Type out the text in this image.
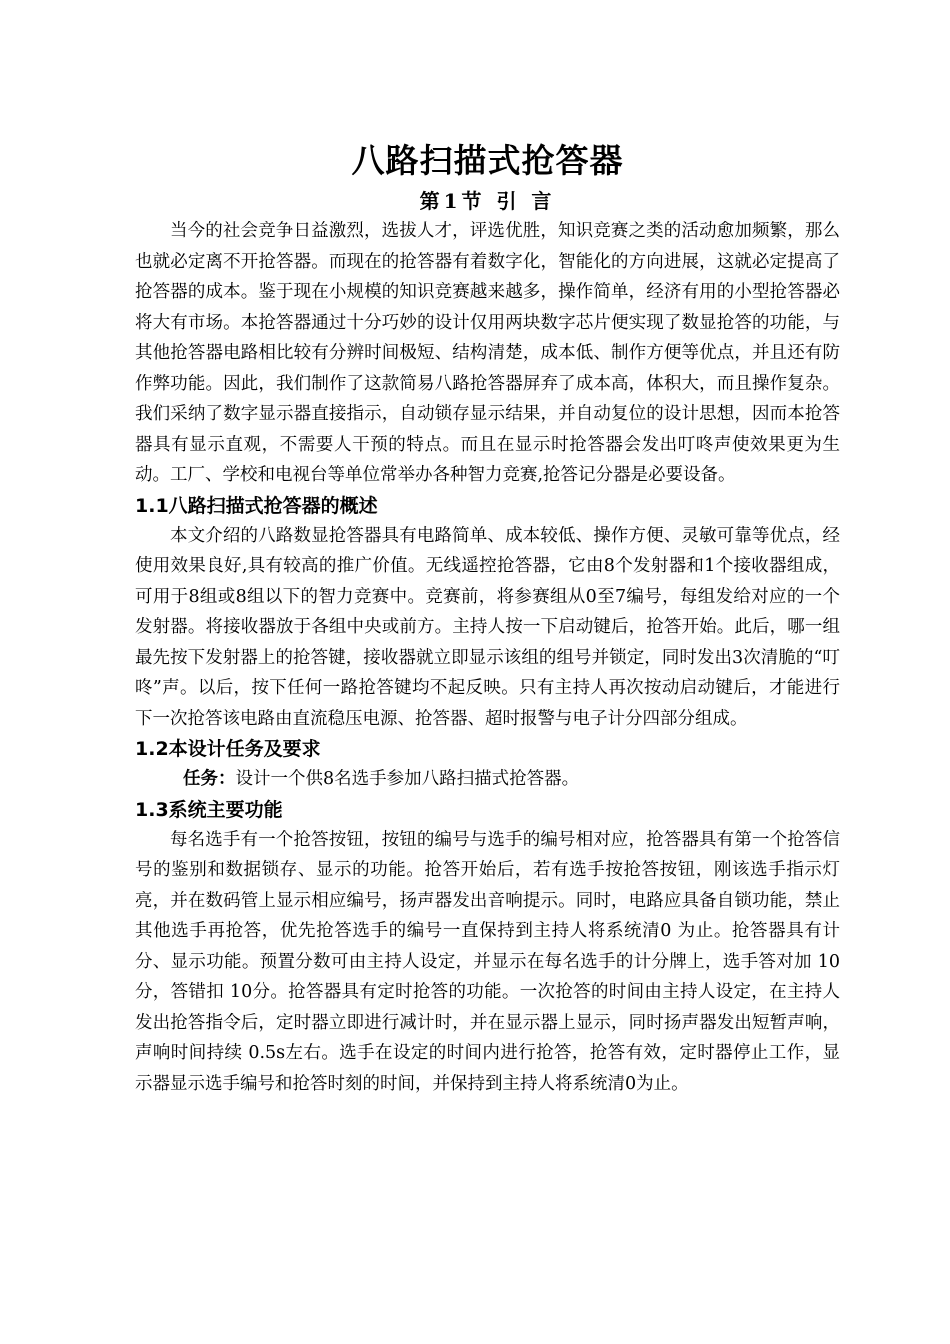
八路扫描式抢答器
第1节 引 言

当今的社会竞争日益激烈，选拔人才，评选优胜，知识竞赛之类的活动愈加频繁，那么也就必定离不开抢答器。而现在的抢答器有着数字化，智能化的方向进展，这就必定提高了抢答器的成本。鉴于现在小规模的知识竞赛越来越多，操作简单，经济有用的小型抢答器必将大有市场。本抢答器通过十分巧妙的设计仅用两块数字芯片便实现了数显抢答的功能，与其他抢答器电路相比较有分辨时间极短、结构清楚，成本低、制作方便等优点，并且还有防作弊功能。因此，我们制作了这款简易八路抢答器屏弃了成本高，体积大，而且操作复杂。我们采纳了数字显示器直接指示，自动锁存显示结果，并自动复位的设计思想，因而本抢答器具有显示直观，不需要人干预的特点。而且在显示时抢答器会发出叮咚声使效果更为生动。工厂、学校和电视台等单位常举办各种智力竞赛,抢答记分器是必要设备。

1.1八路扫描式抢答器的概述

本文介绍的八路数显抢答器具有电路简单、成本较低、操作方便、灵敏可靠等优点，经使用效果良好,具有较高的推广价值。无线遥控抢答器，它由8个发射器和1个接收器组成，可用于8组或8组以下的智力竞赛中。竞赛前，将参赛组从0至7编号，每组发给对应的一个发射器。将接收器放于各组中央或前方。主持人按一下启动键后，抢答开始。此后，哪一组最先按下发射器上的抢答键，接收器就立即显示该组的组号并锁定，同时发出3次清脆的“叮咚”声。以后，按下任何一路抢答键均不起反映。只有主持人再次按动启动键后，才能进行下一次抢答该电路由直流稳压电源、抢答器、超时报警与电子计分四部分组成。

1.2本设计任务及要求

任务：设计一个供8名选手参加八路扫描式抢答器。

1.3系统主要功能

每名选手有一个抢答按钮，按钮的编号与选手的编号相对应，抢答器具有第一个抢答信号的鉴别和数据锁存、显示的功能。抢答开始后，若有选手按抢答按钮，刚该选手指示灯亮，并在数码管上显示相应编号，扬声器发出音响提示。同时，电路应具备自锁功能，禁止其他选手再抢答，优先抢答选手的编号一直保持到主持人将系统清0 为止。抢答器具有计分、显示功能。预置分数可由主持人设定，并显示在每名选手的计分牌上，选手答对加 10分，答错扣 10分。抢答器具有定时抢答的功能。一次抢答的时间由主持人设定，在主持人发出抢答指令后，定时器立即进行减计时，并在显示器上显示，同时扬声器发出短暂声响，声响时间持续 0.5s左右。选手在设定的时间内进行抢答，抢答有效，定时器停止工作，显示器显示选手编号和抢答时刻的时间，并保持到主持人将系统清0为止。
